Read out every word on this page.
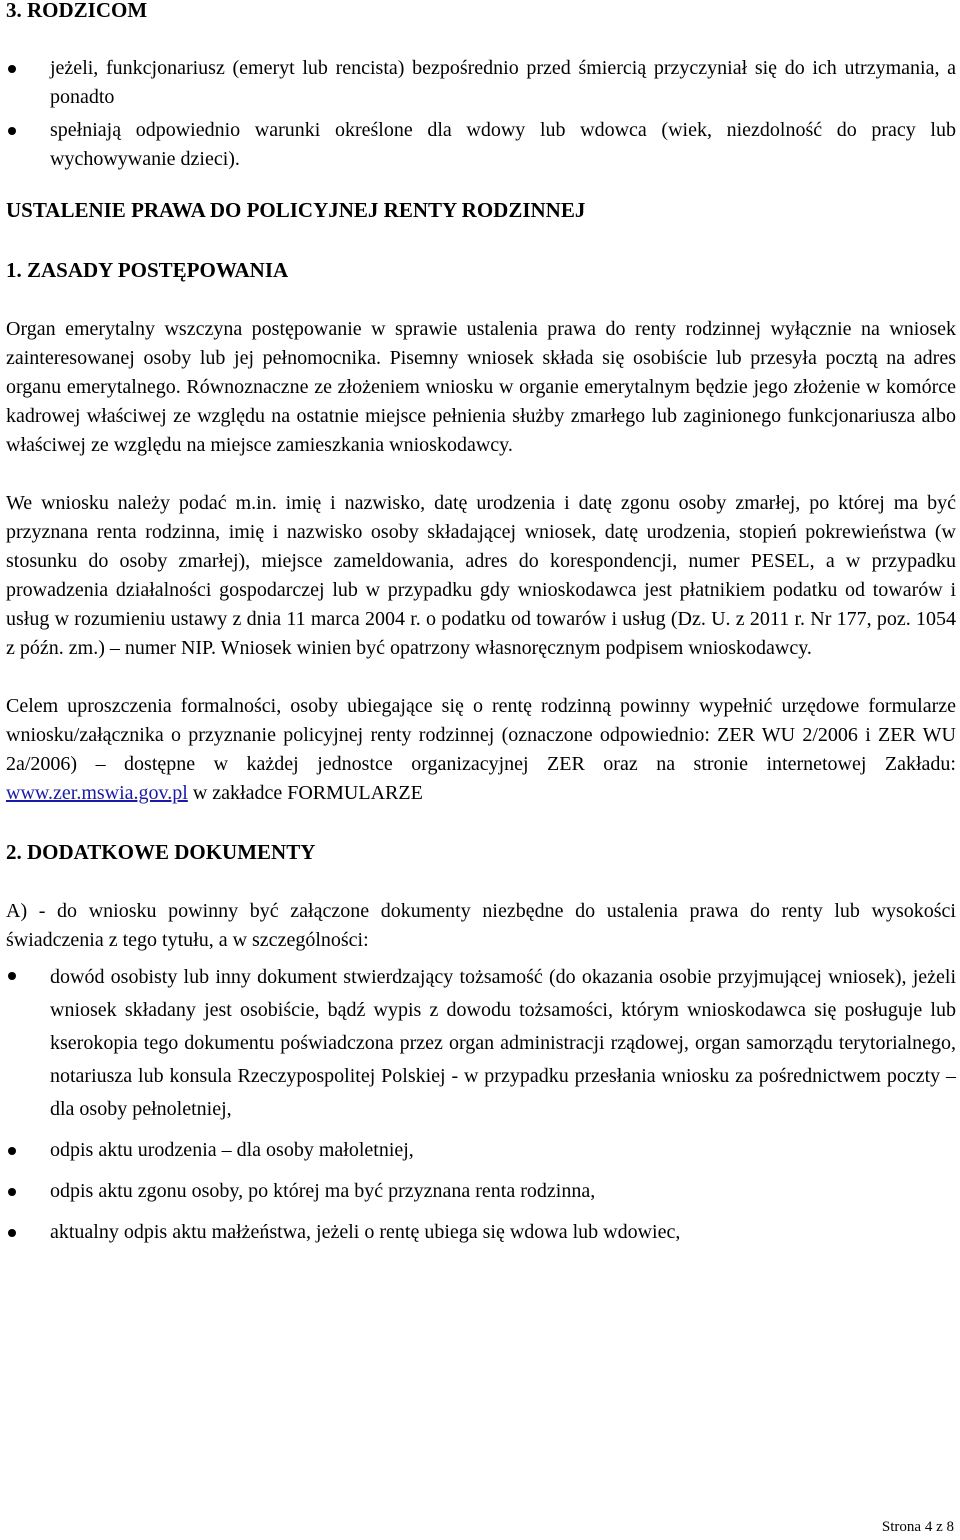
3. RODZICOM
jeżeli, funkcjonariusz (emeryt lub rencista) bezpośrednio przed śmiercią przyczyniał się do ich utrzymania, a ponadto
spełniają odpowiednio warunki określone dla wdowy lub wdowca (wiek, niezdolność do pracy lub wychowywanie dzieci).
USTALENIE PRAWA DO POLICYJNEJ RENTY RODZINNEJ
1. ZASADY POSTĘPOWANIA

Organ emerytalny wszczyna postępowanie w sprawie ustalenia prawa do renty rodzinnej wyłącznie na wniosek zainteresowanej osoby lub jej pełnomocnika. Pisemny wniosek składa się osobiście lub przesyła pocztą na adres organu emerytalnego. Równoznaczne ze złożeniem wniosku w organie emerytalnym będzie jego złożenie w komórce kadrowej właściwej ze względu na ostatnie miejsce pełnienia służby zmarłego lub zaginionego funkcjonariusza albo właściwej ze względu na miejsce zamieszkania wnioskodawcy.

We wniosku należy podać m.in. imię i nazwisko, datę urodzenia i datę zgonu osoby zmarłej, po której ma być przyznana renta rodzinna, imię i nazwisko osoby składającej wniosek, datę urodzenia, stopień pokrewieństwa (w stosunku do osoby zmarłej), miejsce zameldowania, adres do korespondencji, numer PESEL, a w przypadku prowadzenia działalności gospodarczej lub w przypadku gdy wnioskodawca jest płatnikiem podatku od towarów i usług w rozumieniu ustawy z dnia 11 marca 2004 r. o podatku od towarów i usług (Dz. U. z 2011 r. Nr 177, poz. 1054 z późn. zm.) – numer NIP. Wniosek winien być opatrzony własnoręcznym podpisem wnioskodawcy.

Celem uproszczenia formalności, osoby ubiegające się o rentę rodzinną powinny wypełnić urzędowe formularze wniosku/załącznika o przyznanie policyjnej renty rodzinnej (oznaczone odpowiednio: ZER WU 2/2006 i ZER WU 2a/2006) – dostępne w każdej jednostce organizacyjnej ZER oraz na stronie internetowej Zakładu: www.zer.mswia.gov.pl w zakładce FORMULARZE

2. DODATKOWE DOKUMENTY

A) - do wniosku powinny być załączone dokumenty niezbędne do ustalenia prawa do renty lub wysokości świadczenia z tego tytułu, a w szczególności:

dowód osobisty lub inny dokument stwierdzający tożsamość (do okazania osobie przyjmującej wniosek), jeżeli wniosek składany jest osobiście, bądź wypis z dowodu tożsamości, którym wnioskodawca się posługuje lub kserokopia tego dokumentu poświadczona przez organ administracji rządowej, organ samorządu terytorialnego, notariusza lub konsula Rzeczypospolitej Polskiej - w przypadku przesłania wniosku za pośrednictwem poczty – dla osoby pełnoletniej,
odpis aktu urodzenia – dla osoby małoletniej,
odpis aktu zgonu osoby, po której ma być przyznana renta rodzinna,
aktualny odpis aktu małżeństwa, jeżeli o rentę ubiega się wdowa lub wdowiec,
Strona 4 z 8
